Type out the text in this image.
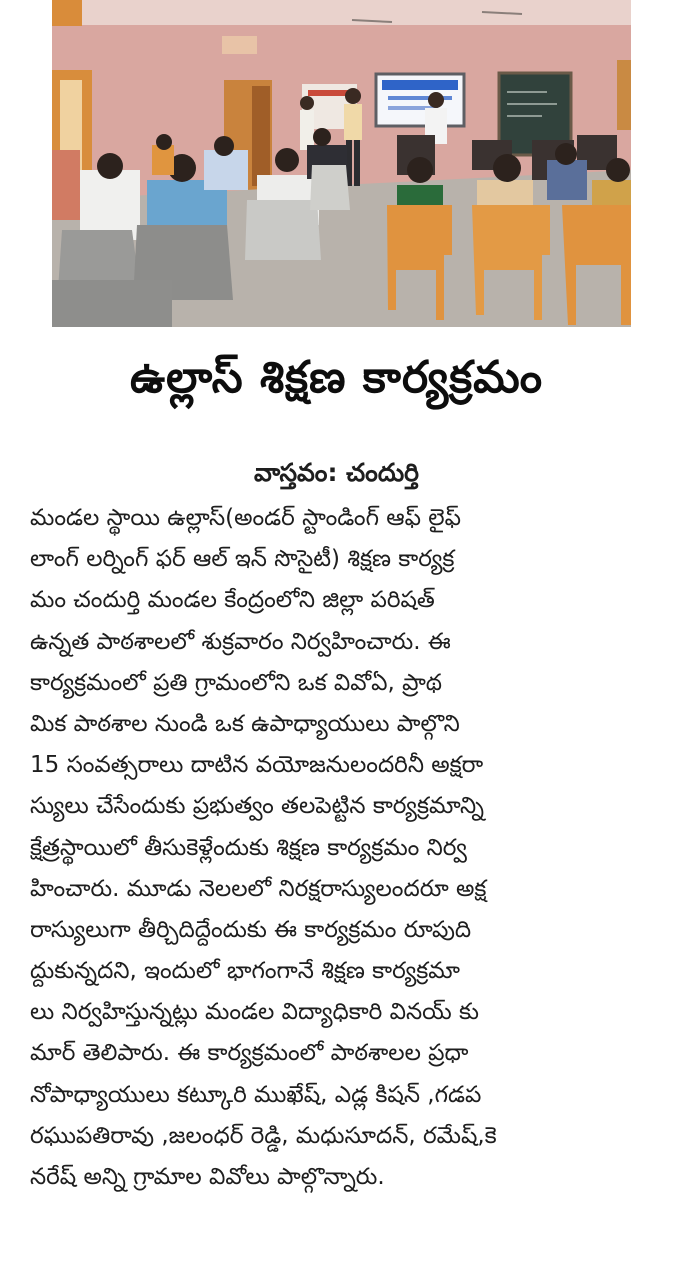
ఉల్లాస్ శిక్షణ కార్యక్రమం
వాస్తవం: చందుర్తి
మండల స్థాయి ఉల్లాస్(అండర్ స్టాండింగ్ ఆఫ్ లైఫ్
లాంగ్ లర్నింగ్ ఫర్ ఆల్ ఇన్ సొసైటీ) శిక్షణ కార్యక్ర
మం చందుర్తి మండల కేంద్రంలోని జిల్లా పరిషత్
ఉన్నత పాఠశాలలో శుక్రవారం నిర్వహించారు. ఈ
కార్యక్రమంలో ప్రతి గ్రామంలోని ఒక వివోఏ, ప్రాథ
మిక పాఠశాల నుండి ఒక ఉపాధ్యాయులు పాల్గొని
15 సంవత్సరాలు దాటిన వయోజనులందరినీ అక్షరా
స్యులు చేసేందుకు ప్రభుత్వం తలపెట్టిన కార్యక్రమాన్ని
క్షేత్రస్థాయిలో తీసుకెళ్లేందుకు శిక్షణ కార్యక్రమం నిర్వ
హించారు. మూడు నెలలలో నిరక్షరాస్యులందరూ అక్ష
రాస్యులుగా తీర్చిదిద్దేందుకు ఈ కార్యక్రమం రూపుది
ద్దుకున్నదని, ఇందులో భాగంగానే శిక్షణ కార్యక్రమా
లు నిర్వహిస్తున్నట్లు మండల విద్యాధికారి వినయ్ కు
మార్ తెలిపారు. ఈ కార్యక్రమంలో పాఠశాలల ప్రధా
నోపాధ్యాయులు కట్కూరి ముఖేష్, ఎడ్ల కిషన్ ,గడప
రఘుపతిరావు ,జలంధర్ రెడ్డి, మధుసూదన్, రమేష్,కె
నరేష్ అన్ని గ్రామాల వివోలు పాల్గొన్నారు.
